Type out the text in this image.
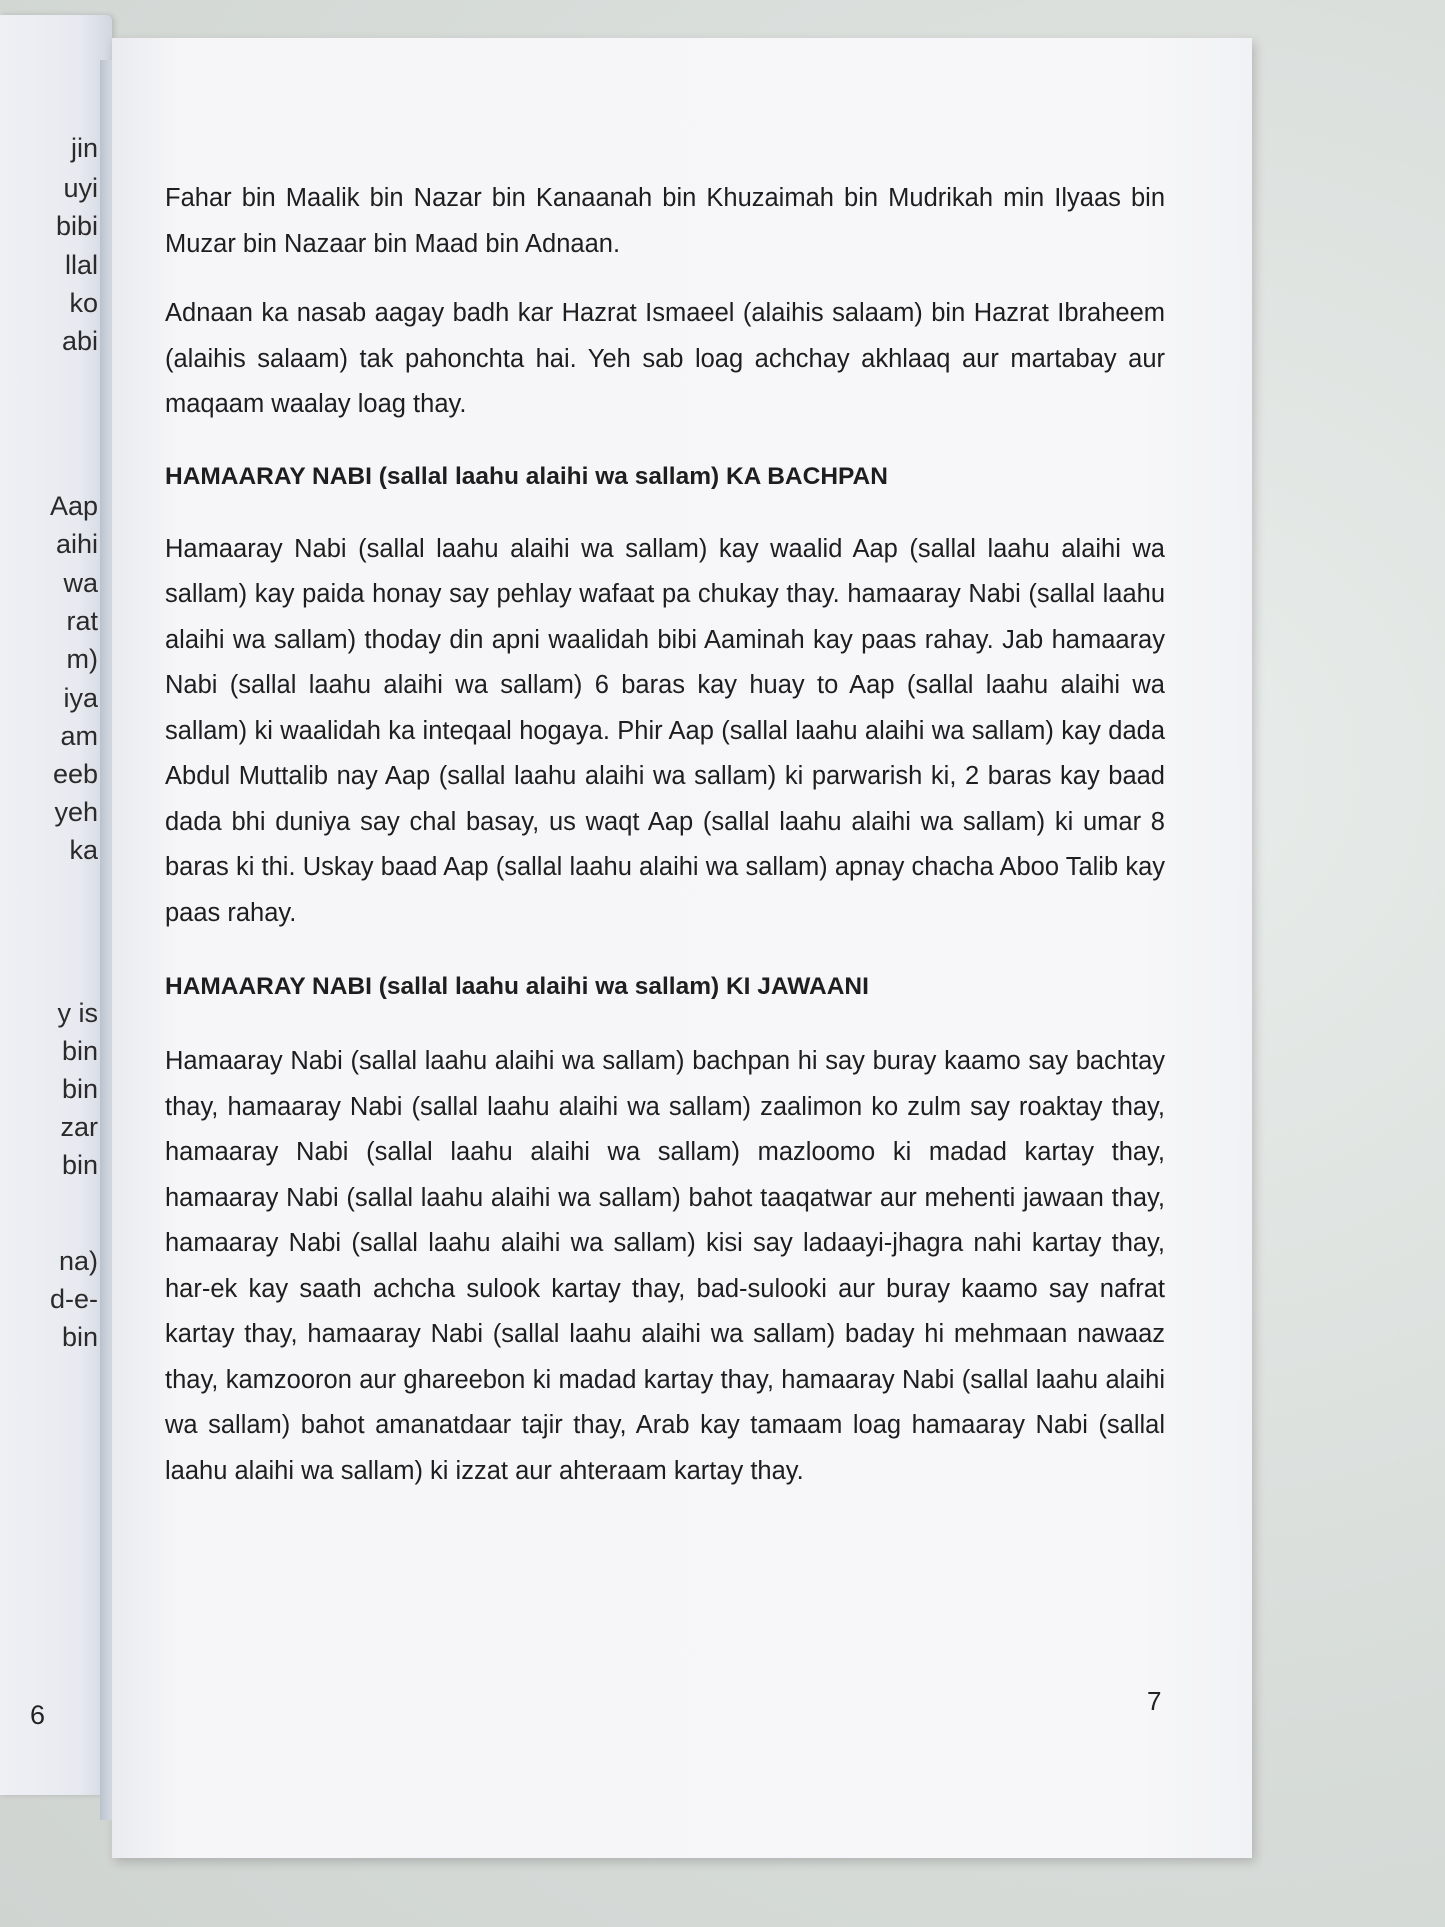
jin
uyi
bibi
llal
ko
abi
Aap
aihi
wa
rat
m)
iya
am
eeb
yeh
ka
y is
bin
bin
zar
bin
na)
d-e-
bin
6

Fahar bin Maalik bin Nazar bin Kanaanah bin Khuzaimah bin Mudrikah min Ilyaas bin Muzar bin Nazaar bin Maad bin Adnaan.

Adnaan ka nasab aagay badh kar Hazrat Ismaeel (alaihis salaam) bin Hazrat Ibraheem (alaihis salaam) tak pahonchta hai. Yeh sab loag achchay akhlaaq aur martabay aur maqaam waalay loag thay.

HAMAARAY NABI (sallal laahu alaihi wa sallam) KA BACHPAN

Hamaaray Nabi (sallal laahu alaihi wa sallam) kay waalid Aap (sallal laahu alaihi wa sallam) kay paida honay say pehlay wafaat pa chukay thay. hamaaray Nabi (sallal laahu alaihi wa sallam) thoday din apni waalidah bibi Aaminah kay paas rahay. Jab hamaaray Nabi (sallal laahu alaihi wa sallam) 6 baras kay huay to Aap (sallal laahu alaihi wa sallam) ki waalidah ka inteqaal hogaya. Phir Aap (sallal laahu alaihi wa sallam) kay dada Abdul Muttalib nay Aap (sallal laahu alaihi wa sallam) ki parwarish ki, 2 baras kay baad dada bhi duniya say chal basay, us waqt Aap (sallal laahu alaihi wa sallam) ki umar 8 baras ki thi. Uskay baad Aap (sallal laahu alaihi wa sallam) apnay chacha Aboo Talib kay paas rahay.

HAMAARAY NABI (sallal laahu alaihi wa sallam) KI JAWAANI

Hamaaray Nabi (sallal laahu alaihi wa sallam) bachpan hi say buray kaamo say bachtay thay, hamaaray Nabi (sallal laahu alaihi wa sallam) zaalimon ko zulm say roaktay thay, hamaaray Nabi (sallal laahu alaihi wa sallam) mazloomo ki madad kartay thay, hamaaray Nabi (sallal laahu alaihi wa sallam) bahot taaqatwar aur mehenti jawaan thay, hamaaray Nabi (sallal laahu alaihi wa sallam) kisi say ladaayi-jhagra nahi kartay thay, har-ek kay saath achcha sulook kartay thay, bad-sulooki aur buray kaamo say nafrat kartay thay, hamaaray Nabi (sallal laahu alaihi wa sallam) baday hi mehmaan nawaaz thay, kamzooron aur ghareebon ki madad kartay thay, hamaaray Nabi (sallal laahu alaihi wa sallam) bahot amanatdaar tajir thay, Arab kay tamaam loag hamaaray Nabi (sallal laahu alaihi wa sallam) ki izzat aur ahteraam kartay thay.

7
